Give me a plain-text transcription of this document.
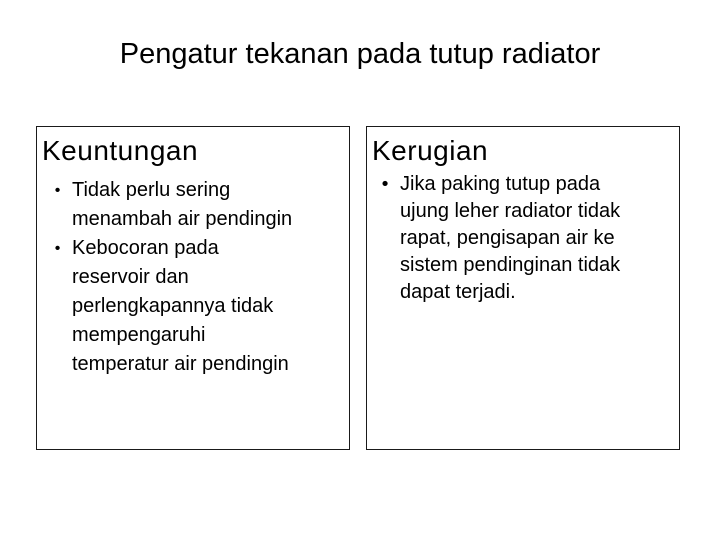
Pengatur tekanan pada tutup radiator
Keuntungan
• Tidak perlu sering
menambah air pendingin
• Kebocoran pada
reservoir dan
perlengkapannya tidak
mempengaruhi
temperatur air pendingin
Kerugian
• Jika paking tutup pada
ujung leher radiator tidak
rapat, pengisapan air ke
sistem pendinginan tidak
dapat terjadi.
